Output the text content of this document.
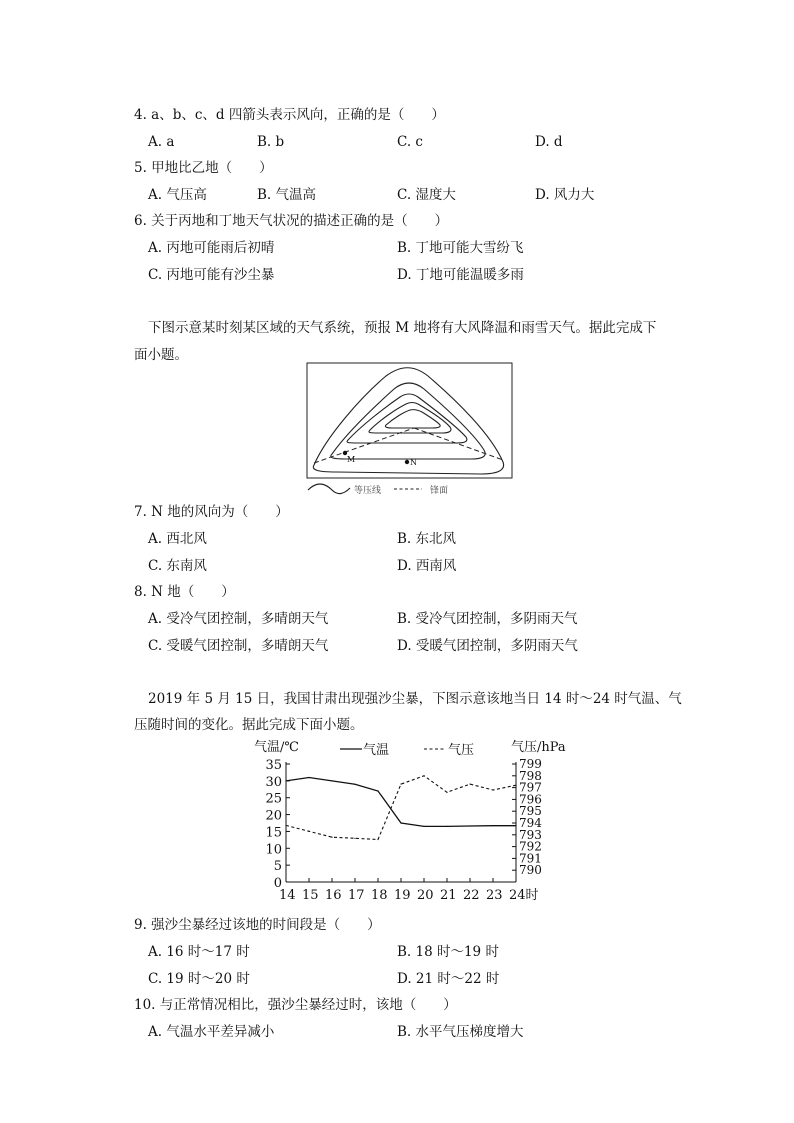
4. a、b、c、d 四箭头表示风向，正确的是（　　）
A. a	B. b	C. c	D. d
5. 甲地比乙地（　　）
A. 气压高	B. 气温高	C. 湿度大	D. 风力大
6. 关于丙地和丁地天气状况的描述正确的是（　　）
A. 丙地可能雨后初晴	B. 丁地可能大雪纷飞
C. 丙地可能有沙尘暴	D. 丁地可能温暖多雨
下图示意某时刻某区域的天气系统，预报 M 地将有大风降温和雨雪天气。据此完成下
面小题。
M	N
等压线	锋面
7. N 地的风向为（　　）
A. 西北风	B. 东北风
C. 东南风	D. 西南风
8. N 地（　　）
A. 受冷气团控制，多晴朗天气	B. 受冷气团控制，多阴雨天气
C. 受暖气团控制，多晴朗天气	D. 受暖气团控制，多阴雨天气
2019 年 5 月 15 日，我国甘肃出现强沙尘暴，下图示意该地当日 14 时～24 时气温、气
压随时间的变化。据此完成下面小题。
气温/℃	气压/hPa
气温	气压
35
30
25
20
15
10
5
0
799
798
797
796
795
794
793
792
791
790
14 15 16 17 18 19 20 21 22 23 24时
9. 强沙尘暴经过该地的时间段是（　　）
A. 16 时～17 时	B. 18 时～19 时
C. 19 时～20 时	D. 21 时～22 时
10. 与正常情况相比，强沙尘暴经过时，该地（　　）
A. 气温水平差异减小	B. 水平气压梯度增大
